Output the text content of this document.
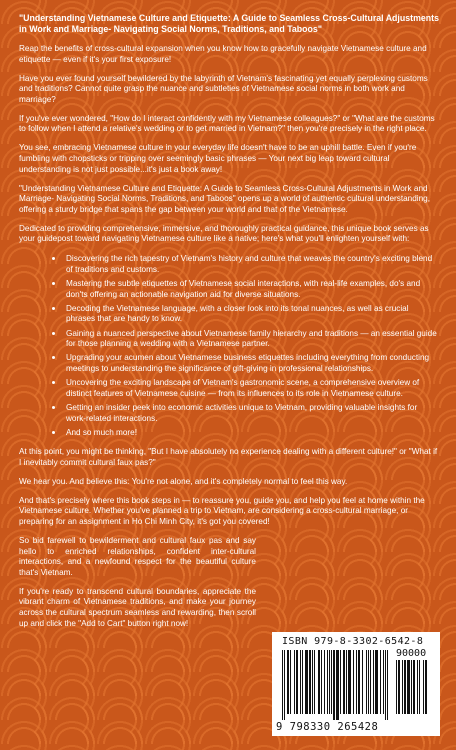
"Understanding Vietnamese Culture and Etiquette: A Guide to Seamless Cross-Cultural Adjustments in Work and Marriage- Navigating Social Norms, Traditions, and Taboos"

Reap the benefits of cross-cultural expansion when you know how to gracefully navigate Vietnamese culture and etiquette — even if it's your first exposure!

Have you ever found yourself bewildered by the labyrinth of Vietnam's fascinating yet equally perplexing customs and traditions? Cannot quite grasp the nuance and subtleties of Vietnamese social norms in both work and marriage?

If you've ever wondered, "How do I interact confidently with my Vietnamese colleagues?" or "What are the customs to follow when I attend a relative's wedding or to get married in Vietnam?" then you're precisely in the right place.

You see, embracing Vietnamese culture in your everyday life doesn't have to be an uphill battle. Even if you're fumbling with chopsticks or tripping over seemingly basic phrases — Your next big leap toward cultural understanding is not just possible...it's just a book away!

"Understanding Vietnamese Culture and Etiquette: A Guide to Seamless Cross-Cultural Adjustments in Work and Marriage- Navigating Social Norms, Traditions, and Taboos" opens up a world of authentic cultural understanding, offering a sturdy bridge that spans the gap between your world and that of the Vietnamese.

Dedicated to providing comprehensive, immersive, and thoroughly practical guidance, this unique book serves as your guidepost toward navigating Vietnamese culture like a native; here's what you'll enlighten yourself with:

• Discovering the rich tapestry of Vietnam's history and culture that weaves the country's exciting blend of traditions and customs.
• Mastering the subtle etiquettes of Vietnamese social interactions, with real-life examples, do's and don'ts offering an actionable navigation aid for diverse situations.
• Decoding the Vietnamese language, with a closer look into its tonal nuances, as well as crucial phrases that are handy to know.
• Gaining a nuanced perspective about Vietnamese family hierarchy and traditions — an essential guide for those planning a wedding with a Vietnamese partner.
• Upgrading your acumen about Vietnamese business etiquettes including everything from conducting meetings to understanding the significance of gift-giving in professional relationships.
• Uncovering the exciting landscape of Vietnam's gastronomic scene, a comprehensive overview of distinct features of Vietnamese cuisine — from its influences to its role in Vietnamese culture.
• Getting an insider peek into economic activities unique to Vietnam, providing valuable insights for work-related interactions.
• And so much more!

At this point, you might be thinking, "But I have absolutely no experience dealing with a different culture!" or "What if I inevitably commit cultural faux pas?"

We hear you. And believe this: You're not alone, and it's completely normal to feel this way.

And that's precisely where this book steps in — to reassure you, guide you, and help you feel at home within the Vietnamese culture. Whether you've planned a trip to Vietnam, are considering a cross-cultural marriage, or preparing for an assignment in Ho Chi Minh City, it's got you covered!

So bid farewell to bewilderment and cultural faux pas and say hello to enriched relationships, confident inter-cultural interactions, and a newfound respect for the beautiful culture that's Vietnam.

If you're ready to transcend cultural boundaries, appreciate the vibrant charm of Vietnamese traditions, and make your journey across the cultural spectrum seamless and rewarding, then scroll up and click the "Add to Cart" button right now!

ISBN 979-8-3302-6542-8
90000
9 798330 265428
